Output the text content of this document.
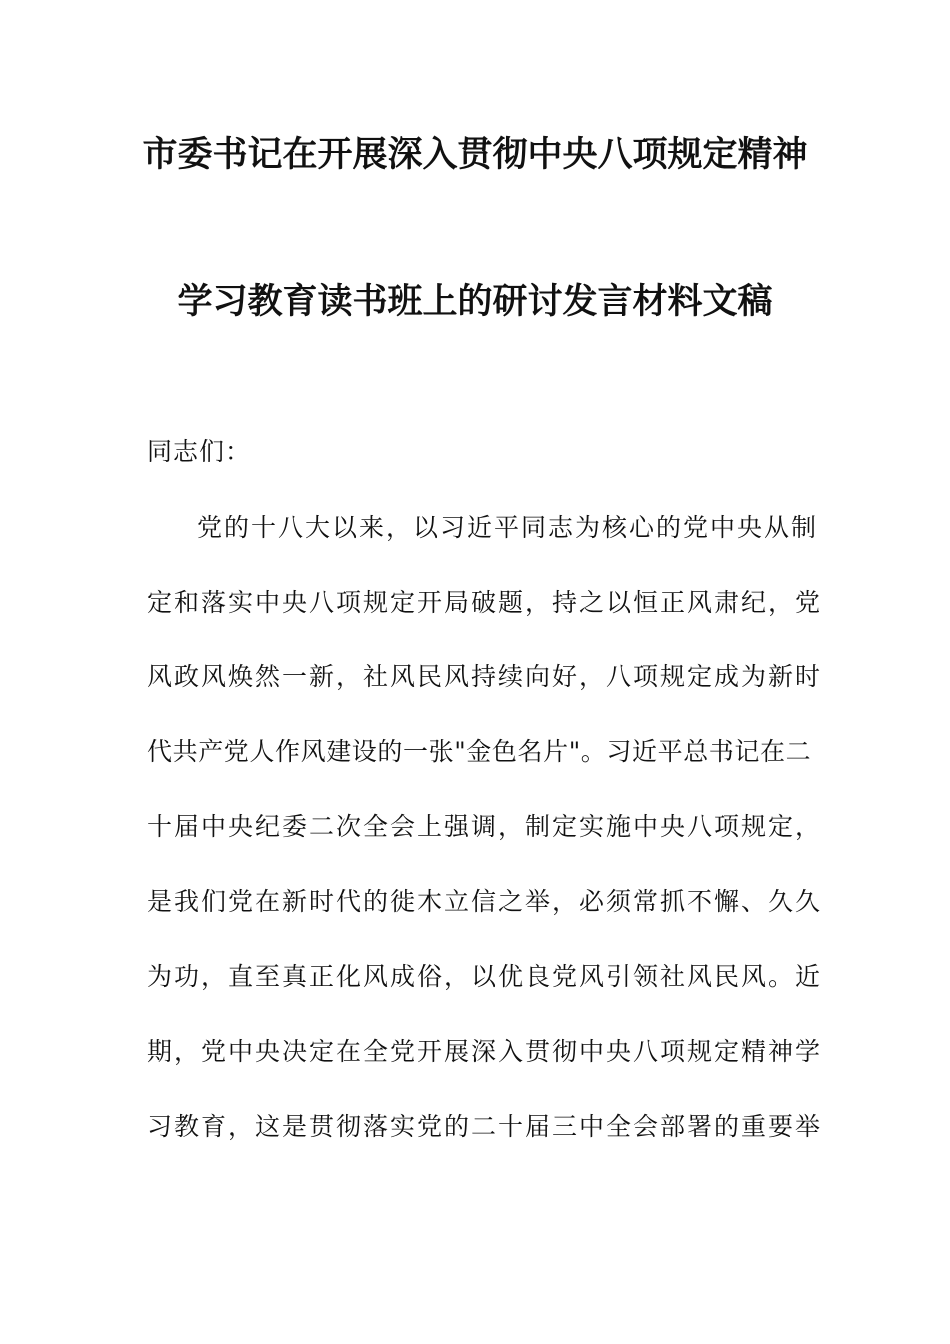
市委书记在开展深入贯彻中央八项规定精神
学习教育读书班上的研讨发言材料文稿
同志们：
党的十八大以来，以习近平同志为核心的党中央从制
定和落实中央八项规定开局破题，持之以恒正风肃纪，党
风政风焕然一新，社风民风持续向好，八项规定成为新时
代共产党人作风建设的一张"金色名片"。习近平总书记在二
十届中央纪委二次全会上强调，制定实施中央八项规定，
是我们党在新时代的徙木立信之举，必须常抓不懈、久久
为功，直至真正化风成俗，以优良党风引领社风民风。近
期，党中央决定在全党开展深入贯彻中央八项规定精神学
习教育，这是贯彻落实党的二十届三中全会部署的重要举
